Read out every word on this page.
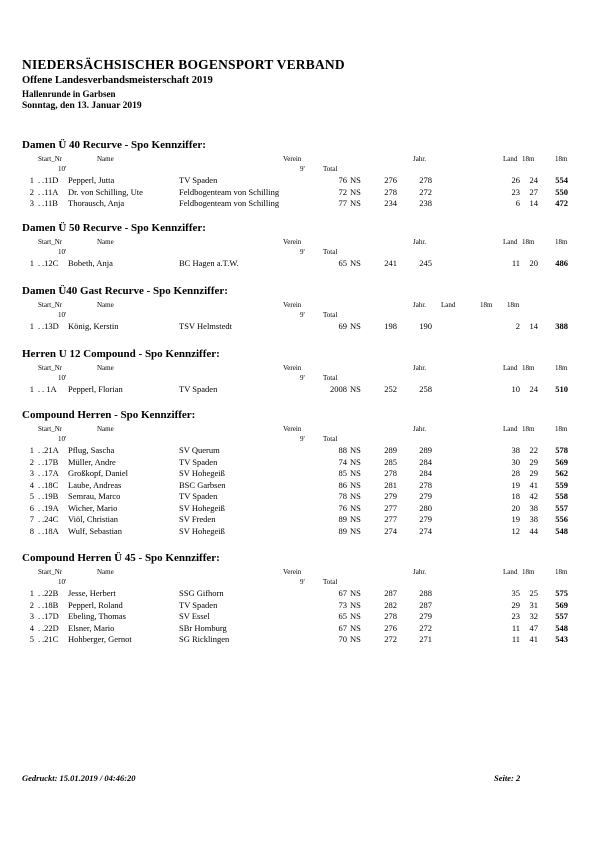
NIEDERSÄCHSISCHER BOGENSPORT VERBAND
Offene Landesverbandsmeisterschaft 2019
Hallenrunde in Garbsen
Sonntag, den 13. Januar 2019
Damen Ü 40 Recurve - Spo Kennziffer:
Start_Nr	Name	Verein	Jahr.	Land 18m	18m
10'	9'	Total
1 . .11D Pepperl, Jutta	TV Spaden	76 NS	276	278	26	24	554
2 . .11A Dr. von Schilling, Ute	Feldbogenteam von Schilling	72 NS	278	272	23	27	550
3 . .11B Thorausch, Anja	Feldbogenteam von Schilling	77 NS	234	238	6	14	472
Damen Ü 50 Recurve - Spo Kennziffer:
Start_Nr	Name	Verein	Jahr.	Land 18m	18m
10'	9'	Total
1 . .12C Bobeth, Anja	BC Hagen a.T.W.	65 NS	241	245	11	20	486
Damen Ü40 Gast Recurve - Spo Kennziffer:
Start_Nr	Name	Verein	Jahr. Land	18m 18m
10'	9'	Total
1 . .13D König, Kerstin	TSV Helmstedt	69 NS	198	190	2	14	388
Herren U 12 Compound - Spo Kennziffer:
Start_Nr	Name	Verein	Jahr.	Land 18m	18m
10'	9'	Total
1 . . 1A Pepperl, Florian	TV Spaden	2008 NS	252	258	10	24	510
Compound Herren - Spo Kennziffer:
Start_Nr	Name	Verein	Jahr.	Land 18m	18m
10'	9'	Total
1 . .21A Pflug, Sascha	SV Querum	88 NS	289	289	38	22	578
2 . .17B Müller, Andre	TV Spaden	74 NS	285	284	30	29	569
3 . .17A Großkopf, Daniel	SV Hohegeiß	85 NS	278	284	28	29	562
4 . .18C Laube, Andreas	BSC Garbsen	86 NS	281	278	19	41	559
5 . .19B Semrau, Marco	TV Spaden	78 NS	279	279	18	42	558
6 . .19A Wicher, Mario	SV Hohegeiß	76 NS	277	280	20	38	557
7 . .24C Viöl, Christian	SV Freden	89 NS	277	279	19	38	556
8 . .18A Wulf, Sebastian	SV Hohegeiß	89 NS	274	274	12	44	548
Compound Herren Ü 45 - Spo Kennziffer:
Start_Nr	Name	Verein	Jahr.	Land 18m	18m
10'	9'	Total
1 . .22B Jesse, Herbert	SSG Gifhorn	67 NS	287	288	35	25	575
2 . .18B Pepperl, Roland	TV Spaden	73 NS	282	287	29	31	569
3 . .17D Ebeling, Thomas	SV Essel	65 NS	278	279	23	32	557
4 . .22D Elsner, Mario	SBr Homburg	67 NS	276	272	11	47	548
5 . .21C Hohberger, Gernot	SG Ricklingen	70 NS	272	271	11	41	543
Gedruckt: 15.01.2019 / 04:46:20	Seite: 2
